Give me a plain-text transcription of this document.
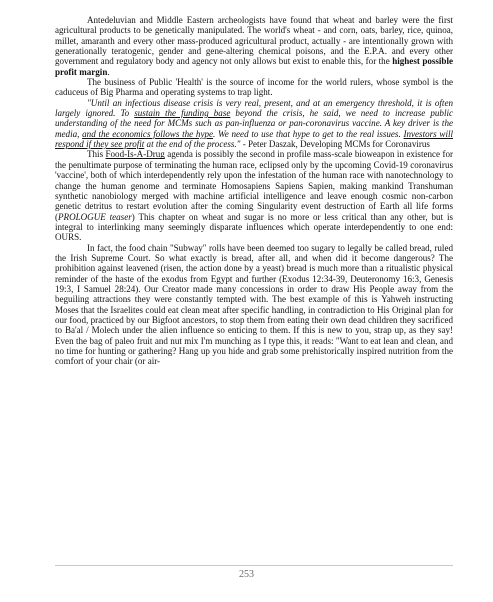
Antedeluvian and Middle Eastern archeologists have found that wheat and barley were the first agricultural products to be genetically manipulated. The world's wheat - and corn, oats, barley, rice, quinoa, millet, amaranth and every other mass-produced agricultural product, actually - are intentionally grown with generationally teratogenic, gender and gene-altering chemical poisons, and the E.P.A. and every other government and regulatory body and agency not only allows but exist to enable this, for the highest possible profit margin.

The business of Public 'Health' is the source of income for the world rulers, whose symbol is the caduceus of Big Pharma and operating systems to trap light.

"Until an infectious disease crisis is very real, present, and at an emergency threshold, it is often largely ignored. To sustain the funding base beyond the crisis, he said, we need to increase public understanding of the need for MCMs such as pan-influenza or pan-coronavirus vaccine. A key driver is the media, and the economics follows the hype. We need to use that hype to get to the real issues. Investors will respond if they see profit at the end of the process." - Peter Daszak, Developing MCMs for Coronavirus

This Food-Is-A-Drug agenda is possibly the second in profile mass-scale bioweapon in existence for the penultimate purpose of terminating the human race, eclipsed only by the upcoming Covid-19 coronavirus 'vaccine', both of which interdependently rely upon the infestation of the human race with nanotechnology to change the human genome and terminate Homosapiens Sapiens Sapien, making mankind Transhuman synthetic nanobiology merged with machine artificial intelligence and leave enough cosmic non-carbon genetic detritus to restart evolution after the coming Singularity event destruction of Earth all life forms (PROLOGUE teaser) This chapter on wheat and sugar is no more or less critical than any other, but is integral to interlinking many seemingly disparate influences which operate interdependently to one end: OURS.

In fact, the food chain "Subway" rolls have been deemed too sugary to legally be called bread, ruled the Irish Supreme Court. So what exactly is bread, after all, and when did it become dangerous? The prohibition against leavened (risen, the action done by a yeast) bread is much more than a ritualistic physical reminder of the haste of the exodus from Egypt and further (Exodus 12:34-39, Deuteronomy 16:3, Genesis 19:3, I Samuel 28:24). Our Creator made many concessions in order to draw His People away from the beguiling attractions they were constantly tempted with. The best example of this is Yahweh instructing Moses that the Israelites could eat clean meat after specific handling, in contradiction to His Original plan for our food, practiced by our Bigfoot ancestors, to stop them from eating their own dead children they sacrificed to Ba'al / Molech under the alien influence so enticing to them. If this is new to you, strap up, as they say! Even the bag of paleo fruit and nut mix I'm munching as I type this, it reads: "Want to eat lean and clean, and no time for hunting or gathering? Hang up you hide and grab some prehistorically inspired nutrition from the comfort of your chair (or air-

253
